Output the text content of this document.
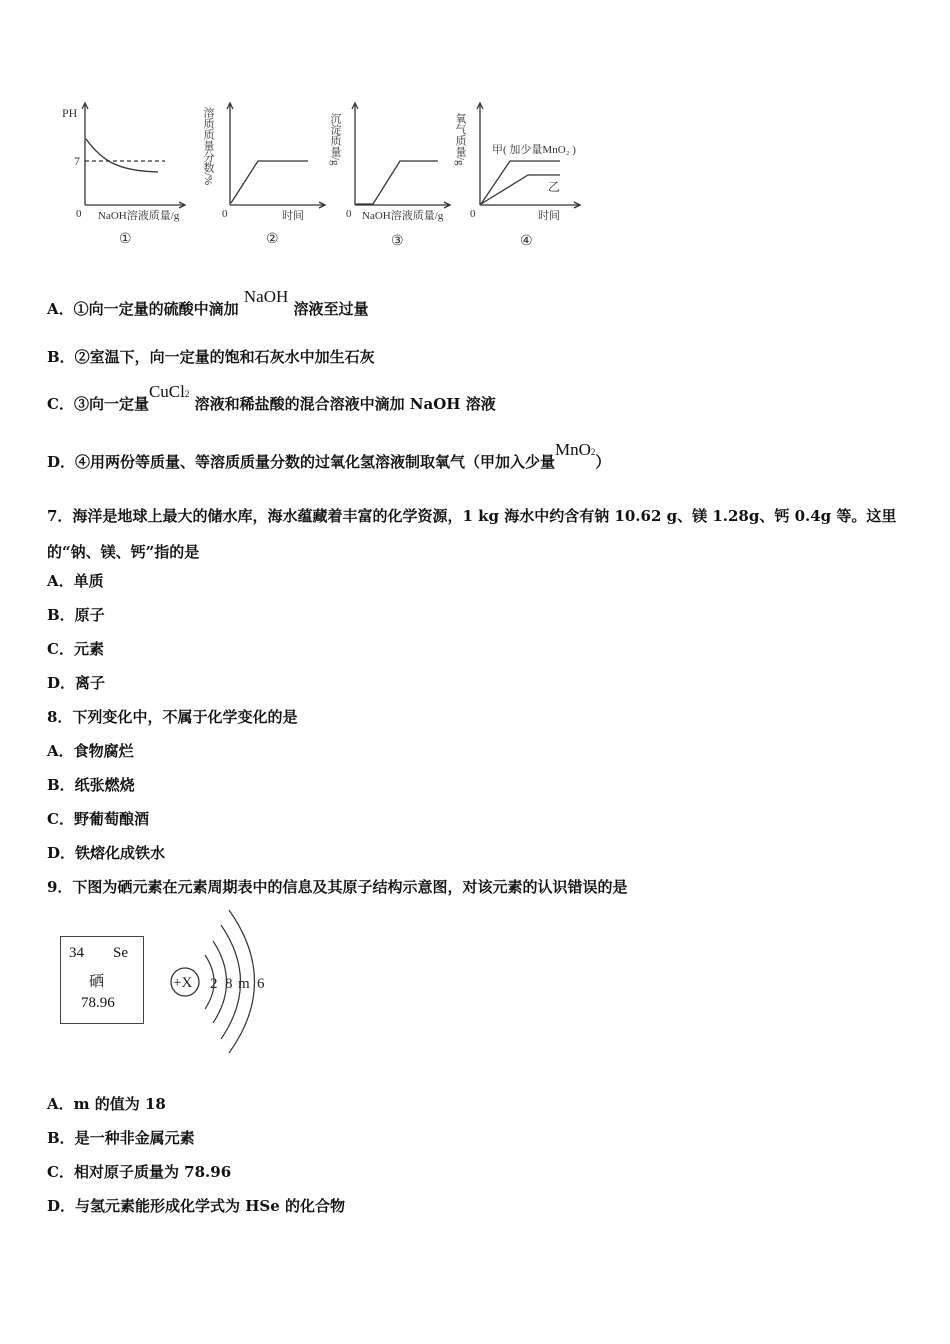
PH
7
0 NaOH溶液质量/g
①
溶质质量分数/%
0	时间
②
沉淀质量/g
0 NaOH溶液质量/g
③
氧气质量/g 甲( 加少量MnO₂ )
乙
0	时间
④
A．①向一定量的硫酸中滴加 NaOH 溶液至过量
B．②室温下，向一定量的饱和石灰水中加生石灰
C．③向一定量CuCl2 溶液和稀盐酸的混合溶液中滴加 NaOH 溶液
D．④用两份等质量、等溶质质量分数的过氧化氢溶液制取氧气（甲加入少量MnO2）
7．海洋是地球上最大的储水库，海水蕴藏着丰富的化学资源，1 kg 海水中约含有钠 10.62 g、镁 1.28g、钙 0.4g 等。这里的“钠、镁、钙”指的是
A．单质
B．原子
C．元素
D．离子
8．下列变化中，不属于化学变化的是
A．食物腐烂
B．纸张燃烧
C．野葡萄酿酒
D．铁熔化成铁水
9．下图为硒元素在元素周期表中的信息及其原子结构示意图，对该元素的认识错误的是
34 Se
硒
78.96
+X 2 8 m 6
A．m 的值为 18
B．是一种非金属元素
C．相对原子质量为 78.96
D．与氢元素能形成化学式为 HSe 的化合物
